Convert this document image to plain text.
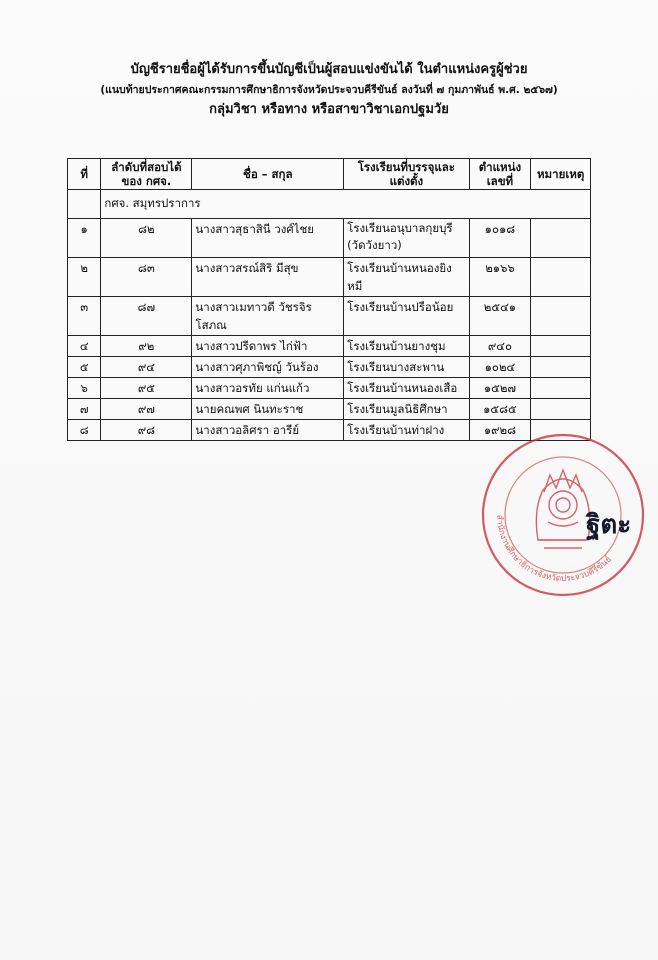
บัญชีรายชื่อผู้ได้รับการขึ้นบัญชีเป็นผู้สอบแข่งขันได้ ในตำแหน่งครูผู้ช่วย
(แนบท้ายประกาศคณะกรรมการศึกษาธิการจังหวัดประจวบคีรีขันธ์ ลงวันที่ ๗ กุมภาพันธ์ พ.ศ. ๒๕๖๗)
กลุ่มวิชา หรือทาง หรือสาขาวิชาเอกปฐมวัย
ที่	ลำดับที่สอบได้ ของ กศจ.	ชื่อ – สกุล	โรงเรียนที่บรรจุและ แต่งตั้ง	ตำแหน่ง เลขที่	หมายเหตุ
	กศจ. สมุทรปราการ				
๑	๘๒	นางสาวสุธาสินี วงศ์ไชย	โรงเรียนอนุบาลกุยบุรี (วัดวังยาว)	๑๐๑๘	
๒	๘๓	นางสาวสรณ์สิริ มีสุข	โรงเรียนบ้านหนองยิงหมี	๒๑๖๖	
๓	๘๗	นางสาวเมทาวดี วัชรจิรโสภณ	โรงเรียนบ้านปรือน้อย	๒๕๔๑	
๔	๙๒	นางสาวปรีดาพร ไก่ฟ้า	โรงเรียนบ้านยางชุม	๙๔๐	
๕	๙๔	นางสาวศุภาพิชญ์ วันร้อง	โรงเรียนบางสะพาน	๑๐๒๔	
๖	๙๕	นางสาวอรทัย แก่นแก้ว	โรงเรียนบ้านหนองเสือ	๑๕๒๗	
๗	๙๗	นายคณพศ นินทะราช	โรงเรียนมูลนิธิศึกษา	๑๕๘๕	
๘	๙๘	นางสาวอลิศรา อารีย์	โรงเรียนบ้านท่าฝาง	๑๙๒๘	
สำนักงานศึกษาธิการจังหวัดประจวบคีรีขันธ์
ฐิตะ
